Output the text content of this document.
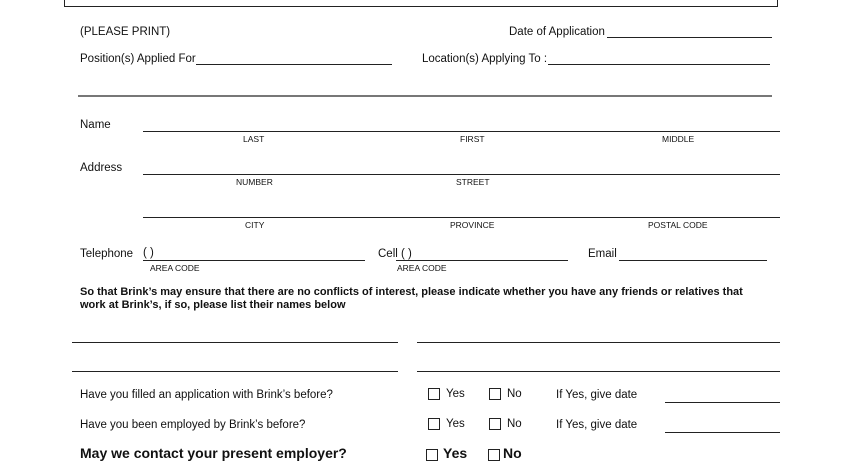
(PLEASE PRINT)	Date of Application
Position(s) Applied For	Location(s) Applying To :
Name
LAST	FIRST	MIDDLE
Address
NUMBER	STREET
CITY	PROVINCE	POSTAL CODE
Telephone ( )
AREA CODE
Cell ( )
AREA CODE
Email
So that Brink’s may ensure that there are no conflicts of interest, please indicate whether you have any friends or relatives that
work at Brink’s, if so, please list their names below
Have you filled an application with Brink’s before?	Yes	No	If Yes, give date
Have you been employed by Brink’s before?	Yes	No	If Yes, give date
May we contact your present employer?	Yes	No
